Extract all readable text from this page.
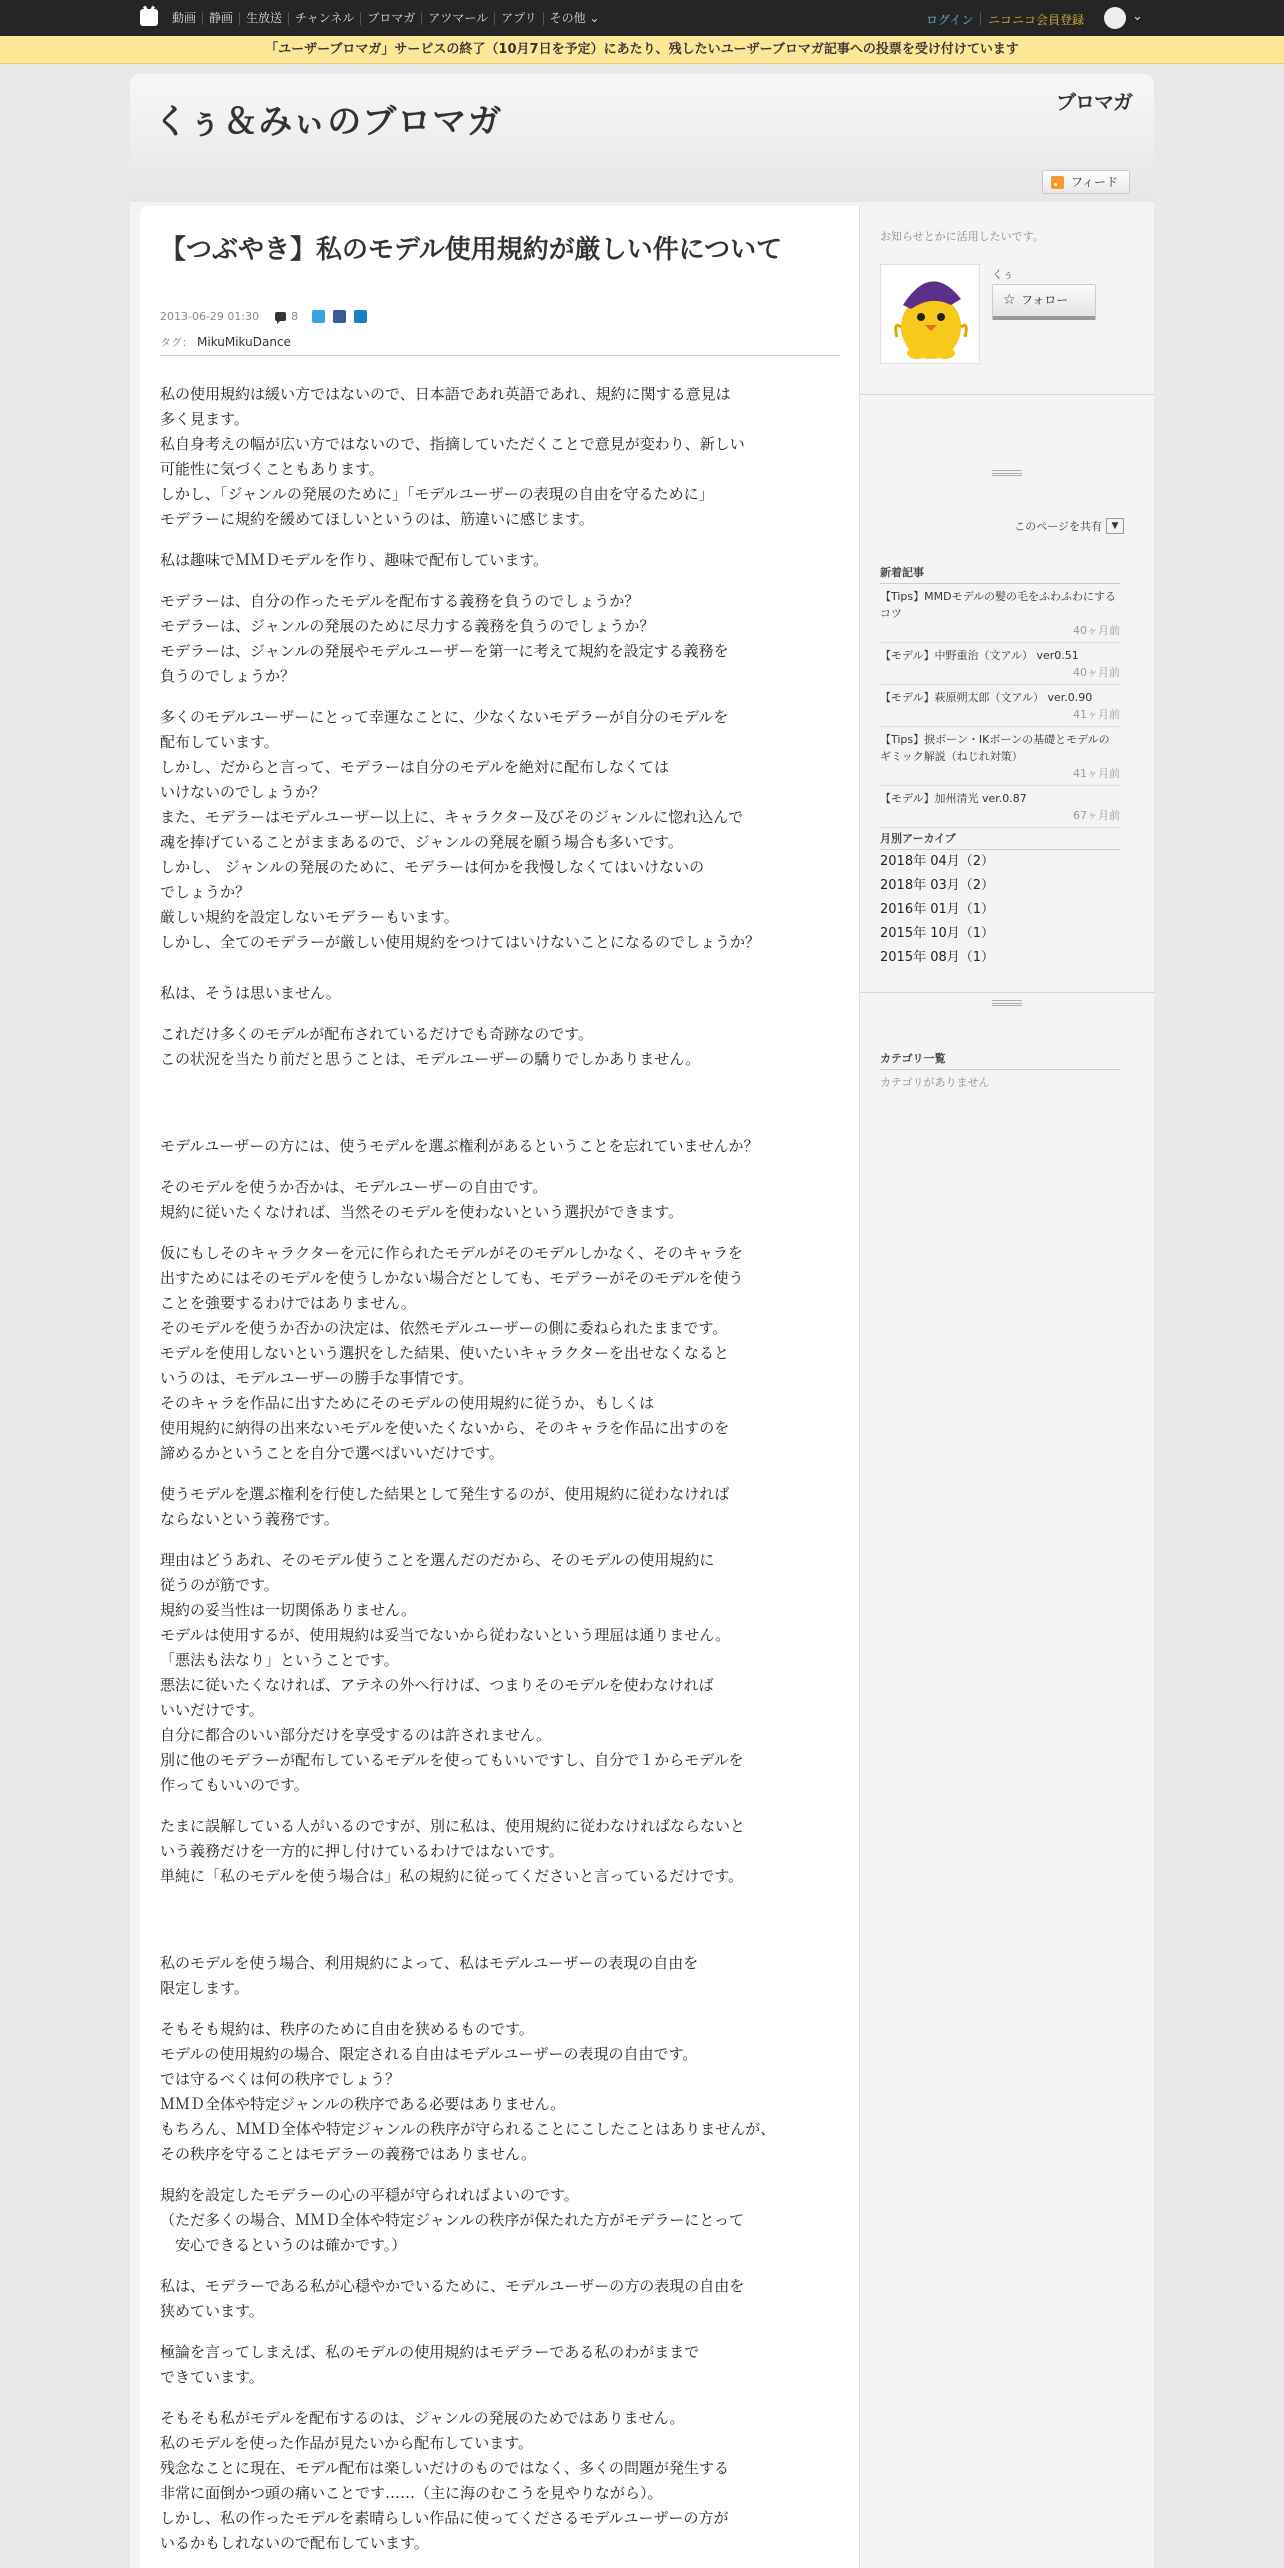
動画	静画	生放送	チャンネル	ブロマガ	アツマール	アプリ	その他 ⌄	ログイン ニコニコ会員登録	⌄
「ユーザーブロマガ」サービスの終了（10月7日を予定）にあたり、残したいユーザーブロマガ記事への投票を受け付けています
くぅ＆みぃのブロマガ	ブロマガ
フィード
【つぶやき】私のモデル使用規約が厳しい件について
2013-06-29 01:30	8
タグ： MikuMikuDance

私の使用規約は緩い方ではないので、日本語であれ英語であれ、規約に関する意見は
多く見ます。
私自身考えの幅が広い方ではないので、指摘していただくことで意見が変わり、新しい
可能性に気づくこともあります。
しかし、「ジャンルの発展のために」「モデルユーザーの表現の自由を守るために」
モデラーに規約を緩めてほしいというのは、筋違いに感じます。

私は趣味でＭＭＤモデルを作り、趣味で配布しています。

モデラーは、自分の作ったモデルを配布する義務を負うのでしょうか？
モデラーは、ジャンルの発展のために尽力する義務を負うのでしょうか？
モデラーは、ジャンルの発展やモデルユーザーを第一に考えて規約を設定する義務を
負うのでしょうか？

多くのモデルユーザーにとって幸運なことに、少なくないモデラーが自分のモデルを
配布しています。
しかし、だからと言って、モデラーは自分のモデルを絶対に配布しなくては
いけないのでしょうか？
また、モデラーはモデルユーザー以上に、キャラクター及びそのジャンルに惚れ込んで
魂を捧げていることがままあるので、ジャンルの発展を願う場合も多いです。
しかし、 ジャンルの発展のために、モデラーは何かを我慢しなくてはいけないの
でしょうか？
厳しい規約を設定しないモデラーもいます。
しかし、全てのモデラーが厳しい使用規約をつけてはいけないことになるのでしょうか？

私は、そうは思いません。

これだけ多くのモデルが配布されているだけでも奇跡なのです。
この状況を当たり前だと思うことは、モデルユーザーの驕りでしかありません。

モデルユーザーの方には、使うモデルを選ぶ権利があるということを忘れていませんか？

そのモデルを使うか否かは、モデルユーザーの自由です。
規約に従いたくなければ、当然そのモデルを使わないという選択ができます。

仮にもしそのキャラクターを元に作られたモデルがそのモデルしかなく、そのキャラを
出すためにはそのモデルを使うしかない場合だとしても、モデラーがそのモデルを使う
ことを強要するわけではありません。
そのモデルを使うか否かの決定は、依然モデルユーザーの側に委ねられたままです。
モデルを使用しないという選択をした結果、使いたいキャラクターを出せなくなると
いうのは、モデルユーザーの勝手な事情です。
そのキャラを作品に出すためにそのモデルの使用規約に従うか、もしくは
使用規約に納得の出来ないモデルを使いたくないから、そのキャラを作品に出すのを
諦めるかということを自分で選べばいいだけです。

使うモデルを選ぶ権利を行使した結果として発生するのが、使用規約に従わなければ
ならないという義務です。

理由はどうあれ、そのモデル使うことを選んだのだから、そのモデルの使用規約に
従うのが筋です。
規約の妥当性は一切関係ありません。
モデルは使用するが、使用規約は妥当でないから従わないという理屈は通りません。
「悪法も法なり」ということです。
悪法に従いたくなければ、アテネの外へ行けば、つまりそのモデルを使わなければ
いいだけです。
自分に都合のいい部分だけを享受するのは許されません。
別に他のモデラーが配布しているモデルを使ってもいいですし、自分で１からモデルを
作ってもいいのです。

たまに誤解している人がいるのですが、別に私は、使用規約に従わなければならないと
いう義務だけを一方的に押し付けているわけではないです。
単純に「私のモデルを使う場合は」私の規約に従ってくださいと言っているだけです。

私のモデルを使う場合、利用規約によって、私はモデルユーザーの表現の自由を
限定します。

そもそも規約は、秩序のために自由を狭めるものです。
モデルの使用規約の場合、限定される自由はモデルユーザーの表現の自由です。
では守るべくは何の秩序でしょう？
ＭＭＤ全体や特定ジャンルの秩序である必要はありません。
もちろん、ＭＭＤ全体や特定ジャンルの秩序が守られることにこしたことはありませんが、
その秩序を守ることはモデラーの義務ではありません。

規約を設定したモデラーの心の平穏が守られればよいのです。
（ただ多くの場合、ＭＭＤ全体や特定ジャンルの秩序が保たれた方がモデラーにとって
　安心できるというのは確かです。）

私は、モデラーである私が心穏やかでいるために、モデルユーザーの方の表現の自由を
狭めています。

極論を言ってしまえば、私のモデルの使用規約はモデラーである私のわがままで
できています。

そもそも私がモデルを配布するのは、ジャンルの発展のためではありません。
私のモデルを使った作品が見たいから配布しています。
残念なことに現在、モデル配布は楽しいだけのものではなく、多くの問題が発生する
非常に面倒かつ頭の痛いことです……（主に海のむこうを見やりながら）。
しかし、私の作ったモデルを素晴らしい作品に使ってくださるモデルユーザーの方が
いるかもしれないので配布しています。

お知らせとかに活用したいです。
くぅ
☆ フォロー
このページを共有	▼
新着記事
【Tips】MMDモデルの髪の毛をふわふわにするコツ
40ヶ月前
【モデル】中野重治（文アル） ver0.51
40ヶ月前
【モデル】萩原朔太郎（文アル） ver.0.90
41ヶ月前
【Tips】捩ボーン・IKボーンの基礎とモデルのギミック解説（ねじれ対策）
41ヶ月前
【モデル】加州清光 ver.0.87
67ヶ月前
月別アーカイブ
2018年 04月（2）
2018年 03月（2）
2016年 01月（1）
2015年 10月（1）
2015年 08月（1）
カテゴリ一覧
カテゴリがありません
